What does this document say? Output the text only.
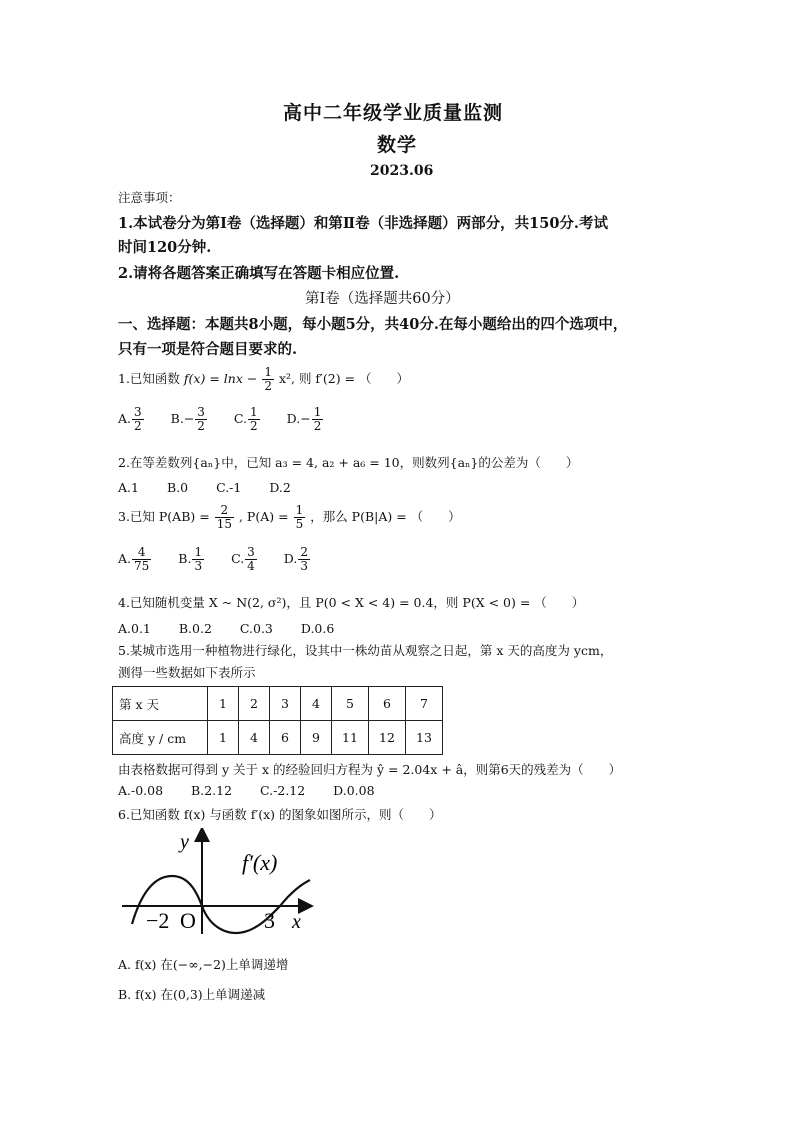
高中二年级学业质量监测
数学
2023.06
注意事项：
1.本试卷分为第Ⅰ卷（选择题）和第Ⅱ卷（非选择题）两部分，共150分.考试
时间120分钟.
2.请将各题答案正确填写在答题卡相应位置.
第Ⅰ卷（选择题共60分）
一、选择题：本题共8小题，每小题5分，共40分.在每小题给出的四个选项中，
只有一项是符合题目要求的.
1.已知函数 $f(x) = \ln x - \frac{1}{2} x^2$, 则 f′(2) = （　　）
A. $\frac{3}{2} B.- \frac{3}{2} C$. $\frac{1}{2} D.- \frac{1}{2}$
2.在等差数列{aₙ}中，已知 a₃ = 4, a₂ + a₆ = 10，则数列{aₙ}的公差为（　　）
A.1 B.0 C.-1 D.2
3.已知 $P(AB) = \frac{2}{15}$ , $P(A) = \frac{1}{5}$ ，那么 P(B|A) = （　　）
A. $\frac{4}{75} B$. $\frac{1}{3} C$. $\frac{3}{4} D$. $\frac{2}{3}$
4.已知随机变量 X ~ N(2, σ²)，且 P(0 < X < 4) = 0.4，则 P(X < 0) = （　　）
A.0.1 B.0.2 C.0.3 D.0.6
5.某城市选用一种植物进行绿化，设其中一株幼苗从观察之日起，第 x 天的高度为 ycm，
测得一些数据如下表所示
第 x 天	1	2	3	4	5	6	7
高度 y / cm	1	4	6	9	11	12	13
由表格数据可得到 y 关于 x 的经验回归方程为 ŷ = 2.04x + â，则第6天的残差为（　　）
A.-0.08 B.2.12 C.-2.12 D.0.08
6.已知函数 f(x) 与函数 f′(x) 的图象如图所示，则（　　）
y
f′(x)
−2 O	3 x
A. f(x) 在(−∞,−2)上单调递增
B. f(x) 在(0,3)上单调递减
